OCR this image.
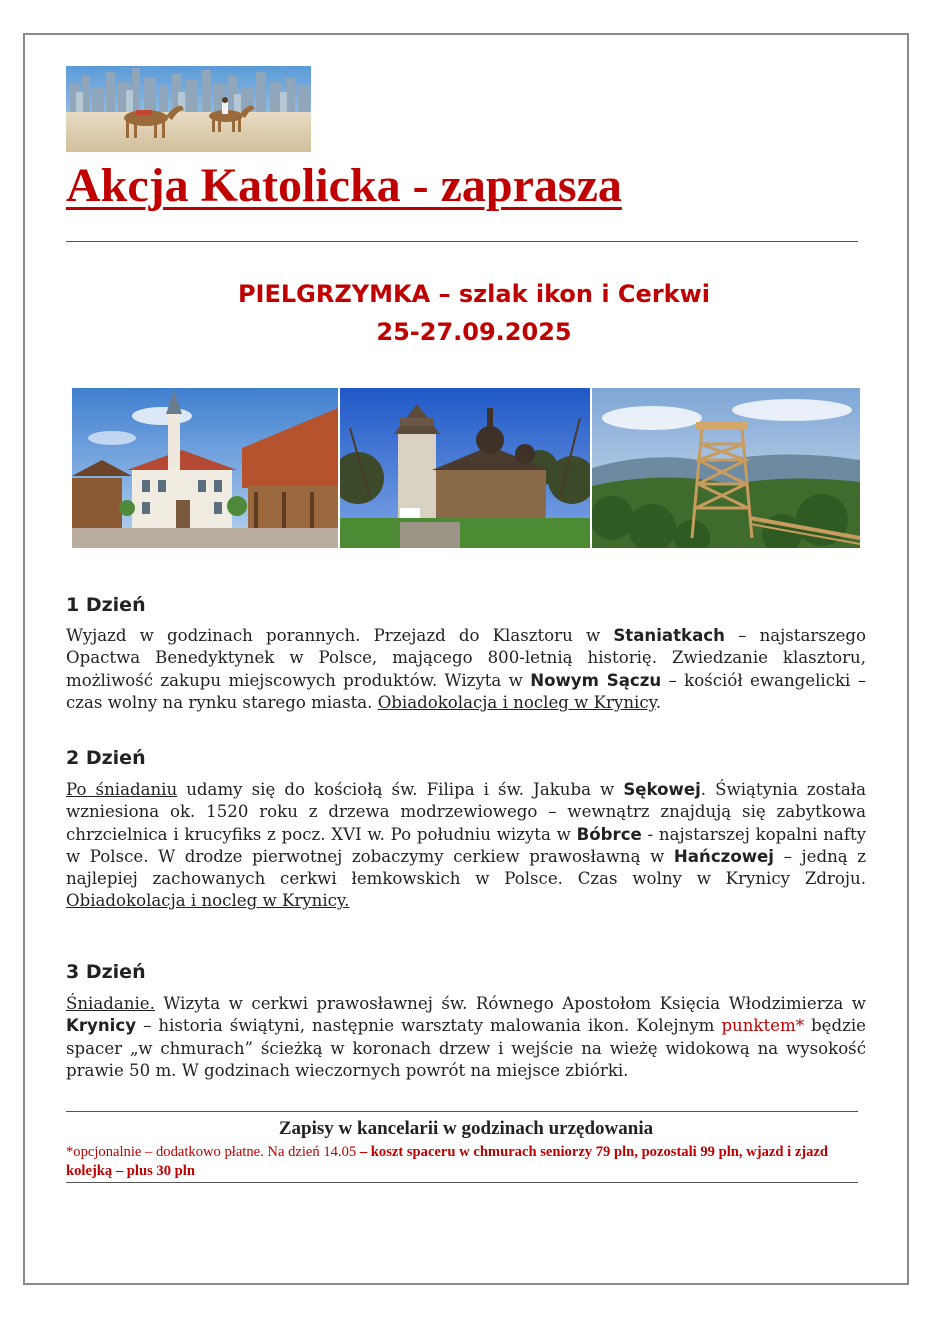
Akcja Katolicka - zaprasza

PIELGRZYMKA – szlak ikon i Cerkwi

25-27.09.2025

1 Dzień

Wyjazd w godzinach porannych. Przejazd do Klasztoru w Staniatkach – najstarszego Opactwa Benedyktynek w Polsce, mającego 800-letnią historię. Zwiedzanie klasztoru, możliwość zakupu miejscowych produktów. Wizyta w Nowym Sączu – kościół ewangelicki – czas wolny na rynku starego miasta. Obiadokolacja i nocleg w Krynicy.

2 Dzień

Po śniadaniu udamy się do kościołą św. Filipa i św. Jakuba w Sękowej. Świątynia została wzniesiona ok. 1520 roku z drzewa modrzewiowego – wewnątrz znajdują się zabytkowa chrzcielnica i krucyfiks z pocz. XVI w. Po południu wizyta w Bóbrce - najstarszej kopalni nafty w Polsce. W drodze pierwotnej zobaczymy cerkiew prawosławną w Hańczowej – jedną z najlepiej zachowanych cerkwi łemkowskich w Polsce. Czas wolny w Krynicy Zdroju. Obiadokolacja i nocleg w Krynicy.

3 Dzień

Śniadanie. Wizyta w cerkwi prawosławnej św. Równego Apostołom Księcia Włodzimierza w Krynicy – historia świątyni, następnie warsztaty malowania ikon. Kolejnym punktem* będzie spacer „w chmurach” ścieżką w koronach drzew i wejście na wieżę widokową na wysokość prawie 50 m. W godzinach wieczornych powrót na miejsce zbiórki.

Zapisy w kancelarii w godzinach urzędowania

*opcjonalnie – dodatkowo płatne. Na dzień 14.05 – koszt spaceru w chmurach seniorzy 79 pln, pozostali 99 pln, wjazd i zjazd kolejką – plus 30 pln
